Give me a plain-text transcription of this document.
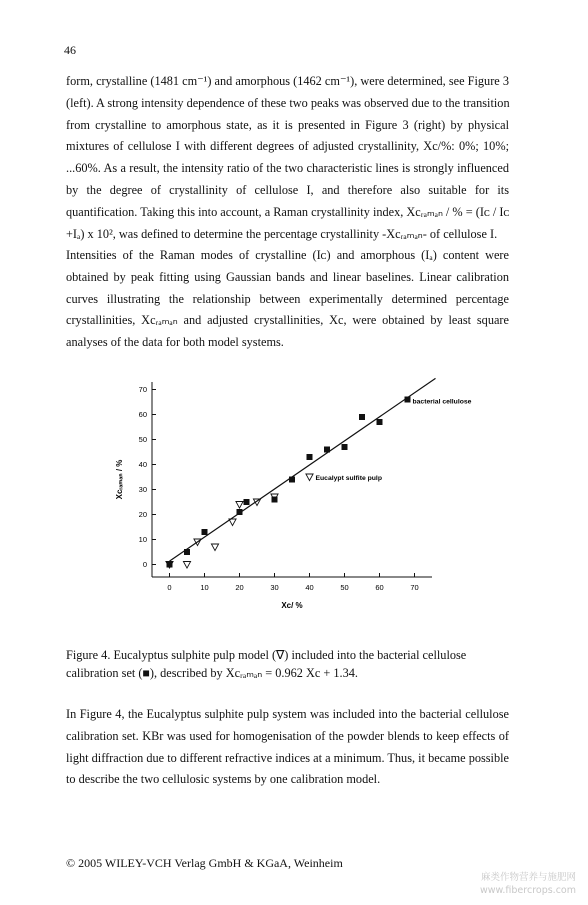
46
form, crystalline (1481 cm⁻¹) and amorphous (1462 cm⁻¹), were determined, see Figure 3
(left). A strong intensity dependence of these two peaks was observed due to the transition
from crystalline to amorphous state, as it is presented in Figure 3 (right) by physical
mixtures of cellulose I with different degrees of adjusted crystallinity, Xc/%: 0%; 10%;
...60%. As a result, the intensity ratio of the two characteristic lines is strongly influenced
by the degree of crystallinity of cellulose I, and therefore also suitable for its
quantification. Taking this into account, a Raman crystallinity index, Xcᵣₐₘₐₙ / % = (Iᴄ / Iᴄ
+Iₐ) x 10², was defined to determine the percentage crystallinity -Xcᵣₐₘₐₙ- of cellulose I.
Intensities of the Raman modes of crystalline (Iᴄ) and amorphous (Iₐ) content were
obtained by peak fitting using Gaussian bands and linear baselines. Linear calibration
curves illustrating the relationship between experimentally determined percentage
crystallinities, Xcᵣₐₘₐₙ and adjusted crystallinities, Xc, were obtained by least square
analyses of the data for both model systems.
0	10	20	30	40	50	60	70
0
10
20
30
40
50
60
70
bacterial cellulose
Eucalypt sulfite pulp
Xc/ %
Xcᵣₐₘₐₙ / %
Figure 4. Eucalyptus sulphite pulp model (∇) included into the bacterial cellulose
calibration set (■), described by Xcᵣₐₘₐₙ = 0.962 Xc + 1.34.
In Figure 4, the Eucalyptus sulphite pulp system was included into the bacterial cellulose
calibration set. KBr was used for homogenisation of the powder blends to keep effects of
light diffraction due to different refractive indices at a minimum. Thus, it became possible
to describe the two cellulosic systems by one calibration model.
© 2005 WILEY-VCH Verlag GmbH & KGaA, Weinheim
麻类作物营养与施肥网
www.fibercrops.com
